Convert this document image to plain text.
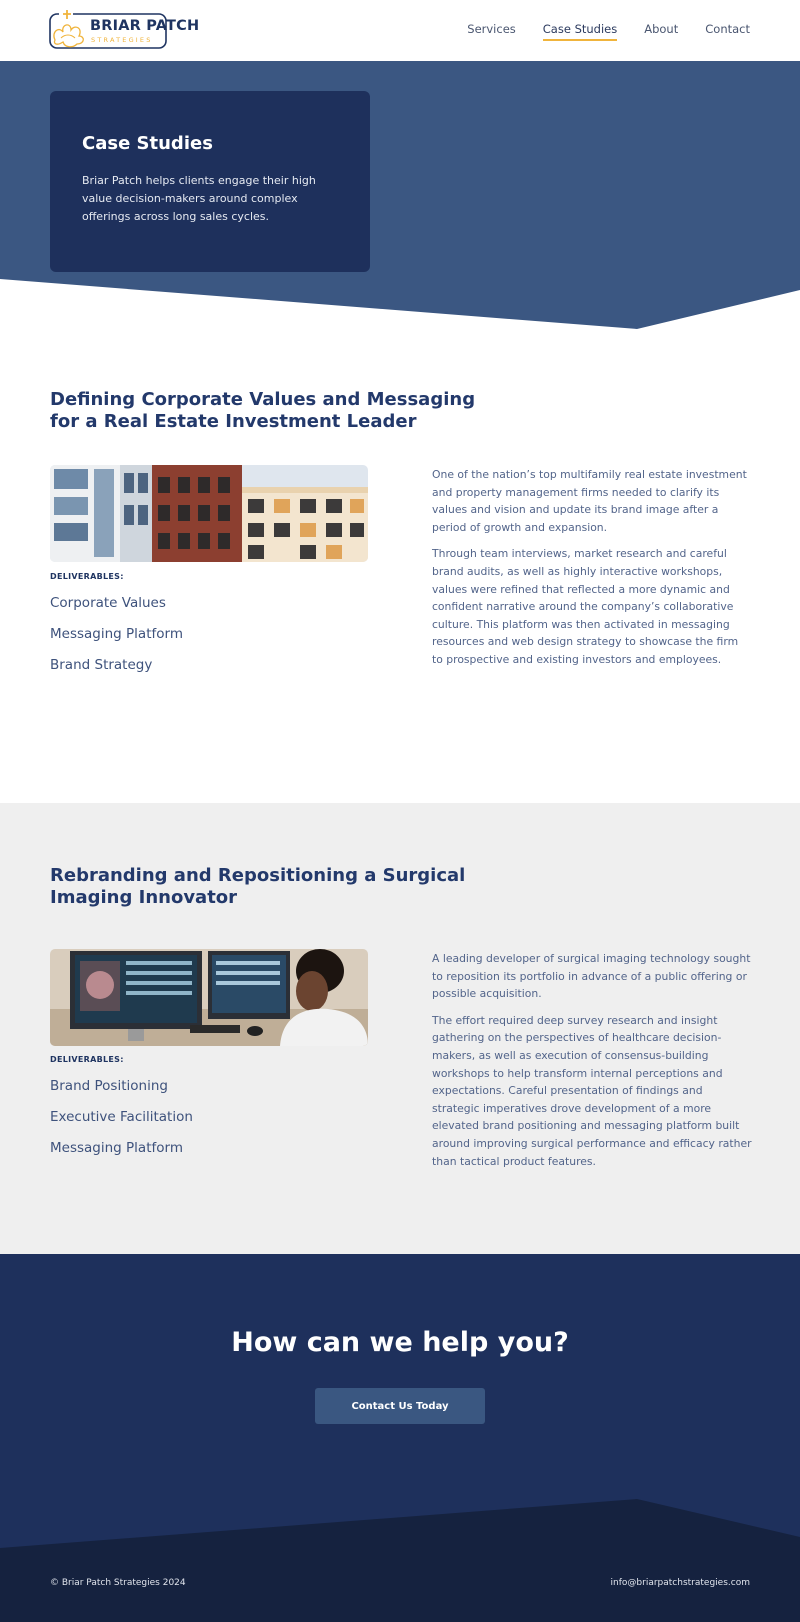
BRIAR PATCH
STRATEGIES
Services Case Studies About Contact
Case Studies

Briar Patch helps clients engage their high value decision-makers around complex offerings across long sales cycles.

Defining Corporate Values and Messaging for a Real Estate Investment Leader
DELIVERABLES:
Corporate Values
Messaging Platform
Brand Strategy

One of the nation’s top multifamily real estate investment and property management firms needed to clarify its values and vision and update its brand image after a period of growth and expansion.

Through team interviews, market research and careful brand audits, as well as highly interactive workshops, values were refined that reflected a more dynamic and confident narrative around the company’s collaborative culture. This platform was then activated in messaging resources and web design strategy to showcase the firm to prospective and existing investors and employees.

Rebranding and Repositioning a Surgical Imaging Innovator
DELIVERABLES:
Brand Positioning
Executive Facilitation
Messaging Platform

A leading developer of surgical imaging technology sought to reposition its portfolio in advance of a public offering or possible acquisition.

The effort required deep survey research and insight gathering on the perspectives of healthcare decision-makers, as well as execution of consensus-building workshops to help transform internal perceptions and expectations. Careful presentation of findings and strategic imperatives drove development of a more elevated brand positioning and messaging platform built around improving surgical performance and efficacy rather than tactical product features.

How can we help you?
Contact Us Today
© Briar Patch Strategies 2024	info@briarpatchstrategies.com
